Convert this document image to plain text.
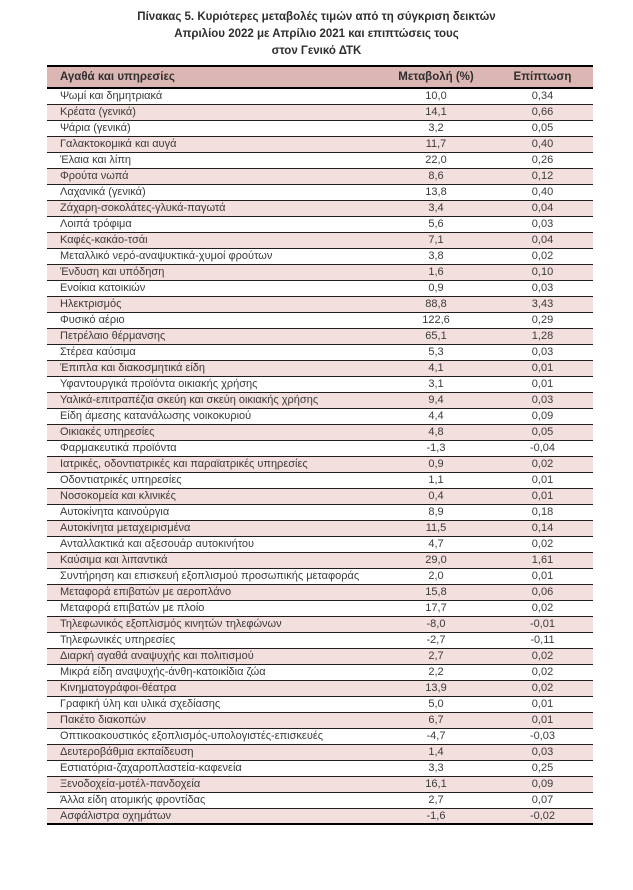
Πίνακας 5. Κυριότερες μεταβολές τιμών από τη σύγκριση δεικτών
Απριλίου 2022 με Απρίλιο 2021 και επιπτώσεις τους
στον Γενικό ΔΤΚ
Αγαθά και υπηρεσίες	Μεταβολή (%)	Επίπτωση
Ψωμί και δημητριακά	10,0	0,34
Κρέατα (γενικά)	14,1	0,66
Ψάρια (γενικά)	3,2	0,05
Γαλακτοκομικά και αυγά	11,7	0,40
Έλαια και λίπη	22,0	0,26
Φρούτα νωπά	8,6	0,12
Λαχανικά (γενικά)	13,8	0,40
Ζάχαρη-σοκολάτες-γλυκά-παγωτά	3,4	0,04
Λοιπά τρόφιμα	5,6	0,03
Καφές-κακάο-τσάι	7,1	0,04
Μεταλλικό νερό-αναψυκτικά-χυμοί φρούτων	3,8	0,02
Ένδυση και υπόδηση	1,6	0,10
Ενοίκια κατοικιών	0,9	0,03
Ηλεκτρισμός	88,8	3,43
Φυσικό αέριο	122,6	0,29
Πετρέλαιο θέρμανσης	65,1	1,28
Στέρεα καύσιμα	5,3	0,03
Έπιπλα και διακοσμητικά είδη	4,1	0,01
Υφαντουργικά προϊόντα οικιακής χρήσης	3,1	0,01
Υαλικά-επιτραπέζια σκεύη και σκεύη οικιακής χρήσης	9,4	0,03
Είδη άμεσης κατανάλωσης νοικοκυριού	4,4	0,09
Οικιακές υπηρεσίες	4,8	0,05
Φαρμακευτικά προϊόντα	-1,3	-0,04
Ιατρικές, οδοντιατρικές και παραϊατρικές υπηρεσίες	0,9	0,02
Οδοντιατρικές υπηρεσίες	1,1	0,01
Νοσοκομεία και κλινικές	0,4	0,01
Αυτοκίνητα καινούργια	8,9	0,18
Αυτοκίνητα μεταχειρισμένα	11,5	0,14
Ανταλλακτικά και αξεσουάρ αυτοκινήτου	4,7	0,02
Καύσιμα και λιπαντικά	29,0	1,61
Συντήρηση και επισκευή εξοπλισμού προσωπικής μεταφοράς	2,0	0,01
Μεταφορά επιβατών με αεροπλάνο	15,8	0,06
Μεταφορά επιβατών με πλοίο	17,7	0,02
Τηλεφωνικός εξοπλισμός κινητών τηλεφώνων	-8,0	-0,01
Τηλεφωνικές υπηρεσίες	-2,7	-0,11
Διαρκή αγαθά αναψυχής και πολιτισμού	2,7	0,02
Μικρά είδη αναψυχής-άνθη-κατοικίδια ζώα	2,2	0,02
Κινηματογράφοι-θέατρα	13,9	0,02
Γραφική ύλη και υλικά σχεδίασης	5,0	0,01
Πακέτο διακοπών	6,7	0,01
Οπτικοακουστικός εξοπλισμός-υπολογιστές-επισκευές	-4,7	-0,03
Δευτεροβάθμια εκπαίδευση	1,4	0,03
Εστιατόρια-ζαχαροπλαστεία-καφενεία	3,3	0,25
Ξενοδοχεία-μοτέλ-πανδοχεία	16,1	0,09
Άλλα είδη ατομικής φροντίδας	2,7	0,07
Ασφάλιστρα οχημάτων	-1,6	-0,02
